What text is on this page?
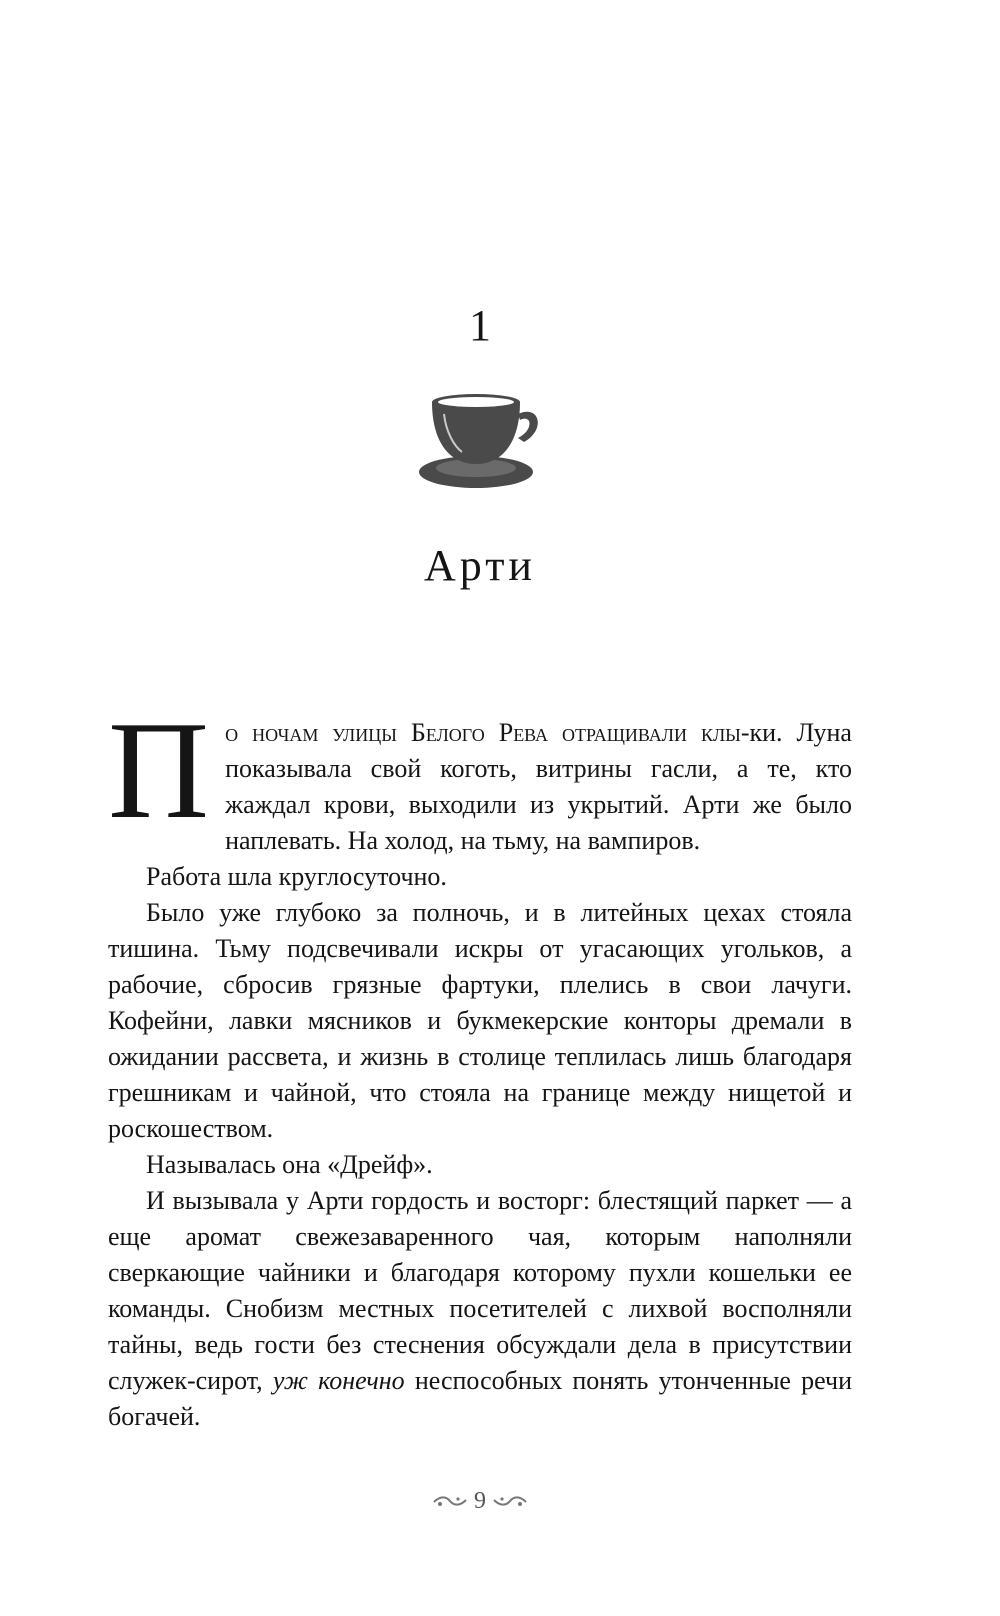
1
Арти

По ночам улицы Белого Рева отращивали клы-ки. Луна показывала свой коготь, витрины гасли, а те, кто жаждал крови, выходили из укрытий. Арти же было наплевать. На холод, на тьму, на вампиров.

Работа шла круглосуточно.

Было уже глубоко за полночь, и в литейных цехах стояла тишина. Тьму подсвечивали искры от угасающих угольков, а рабочие, сбросив грязные фартуки, плелись в свои лачуги. Кофейни, лавки мясников и букмекерские конторы дремали в ожидании рассвета, и жизнь в столице теплилась лишь благодаря грешникам и чайной, что стояла на границе между нищетой и роскошеством.

Называлась она «Дрейф».

И вызывала у Арти гордость и восторг: блестящий паркет — а еще аромат свежезаваренного чая, которым наполняли сверкающие чайники и благодаря которому пухли кошельки ее команды. Снобизм местных посетителей с лихвой восполняли тайны, ведь гости без стеснения обсуждали дела в присутствии служек-сирот, уж конечно неспособных понять утонченные речи богачей.

9
